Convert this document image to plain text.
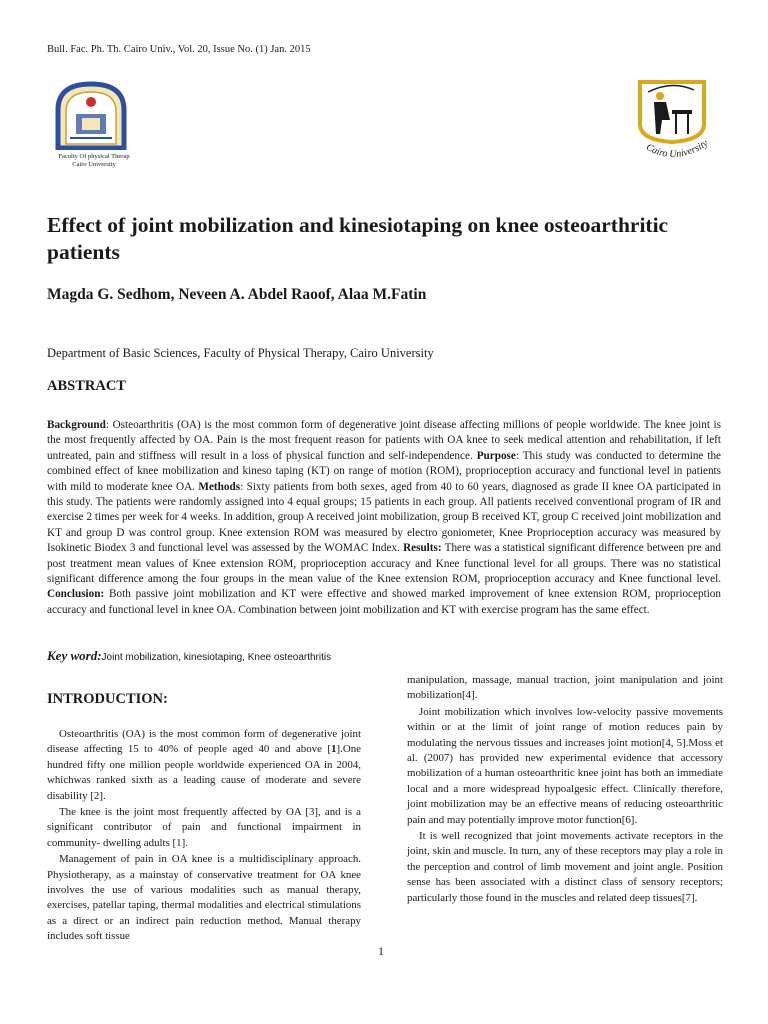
Bull. Fac. Ph. Th. Cairo Univ., Vol. 20, Issue No. (1) Jan. 2015
Faculty Of physical Therap
Cairo University
Cairo University
Effect of joint mobilization and kinesiotaping on knee osteoarthritic patients
Magda G. Sedhom, Neveen A. Abdel Raoof, Alaa M.Fatin
Department of Basic Sciences, Faculty of Physical Therapy, Cairo University
ABSTRACT
Background: Osteoarthritis (OA) is the most common form of degenerative joint disease affecting millions of people worldwide. The knee joint is the most frequently affected by OA. Pain is the most frequent reason for patients with OA knee to seek medical attention and rehabilitation, if left untreated, pain and stiffness will result in a loss of physical function and self-independence. Purpose: This study was conducted to determine the combined effect of knee mobilization and kineso taping (KT) on range of motion (ROM), proprioception accuracy and functional level in patients with mild to moderate knee OA. Methods: Sixty patients from both sexes, aged from 40 to 60 years, diagnosed as grade II knee OA participated in this study. The patients were randomly assigned into 4 equal groups; 15 patients in each group. All patients received conventional program of IR and exercise 2 times per week for 4 weeks. In addition, group A received joint mobilization, group B received KT, group C received joint mobilization and KT and group D was control group. Knee extension ROM was measured by electro goniometer, Knee Proprioception accuracy was measured by Isokinetic Biodex 3 and functional level was assessed by the WOMAC Index. Results: There was a statistical significant difference between pre and post treatment mean values of Knee extension ROM, proprioception accuracy and Knee functional level for all groups. There was no statistical significant difference among the four groups in the mean value of the Knee extension ROM, proprioception accuracy and Knee functional level. Conclusion: Both passive joint mobilization and KT were effective and showed marked improvement of knee extension ROM, proprioception accuracy and functional level in knee OA. Combination between joint mobilization and KT with exercise program has the same effect.
Key word:Joint mobilization, kinesiotaping, Knee osteoarthritis
INTRODUCTION:

Osteoarthritis (OA) is the most common form of degenerative joint disease affecting 15 to 40% of people aged 40 and above [1].One hundred fifty one million people worldwide experienced OA in 2004, whichwas ranked sixth as a leading cause of moderate and severe disability [2].

The knee is the joint most frequently affected by OA [3], and is a significant contributor of pain and functional impairment in community- dwelling adults [1].

Management of pain in OA knee is a multidisciplinary approach. Physiotherapy, as a mainstay of conservative treatment for OA knee involves the use of various modalities such as manual therapy, exercises, patellar taping, thermal modalities and electrical stimulations as a direct or an indirect pain reduction method. Manual therapy includes soft tissue

manipulation, massage, manual traction, joint manipulation and joint mobilization[4].

Joint mobilization which involves low-velocity passive movements within or at the limit of joint range of motion reduces pain by modulating the nervous tissues and increases joint motion[4, 5].Moss et al. (2007) has provided new experimental evidence that accessory mobilization of a human osteoarthritic knee joint has both an immediate local and a more widespread hypoalgesic effect. Clinically therefore, joint mobilization may be an effective means of reducing osteoarthritic pain and may potentially improve motor function[6].

It is well recognized that joint movements activate receptors in the joint, skin and muscle. In turn, any of these receptors may play a role in the perception and control of limb movement and joint angle. Position sense has been associated with a distinct class of sensory receptors; particularly those found in the muscles and related deep tissues[7].

1
